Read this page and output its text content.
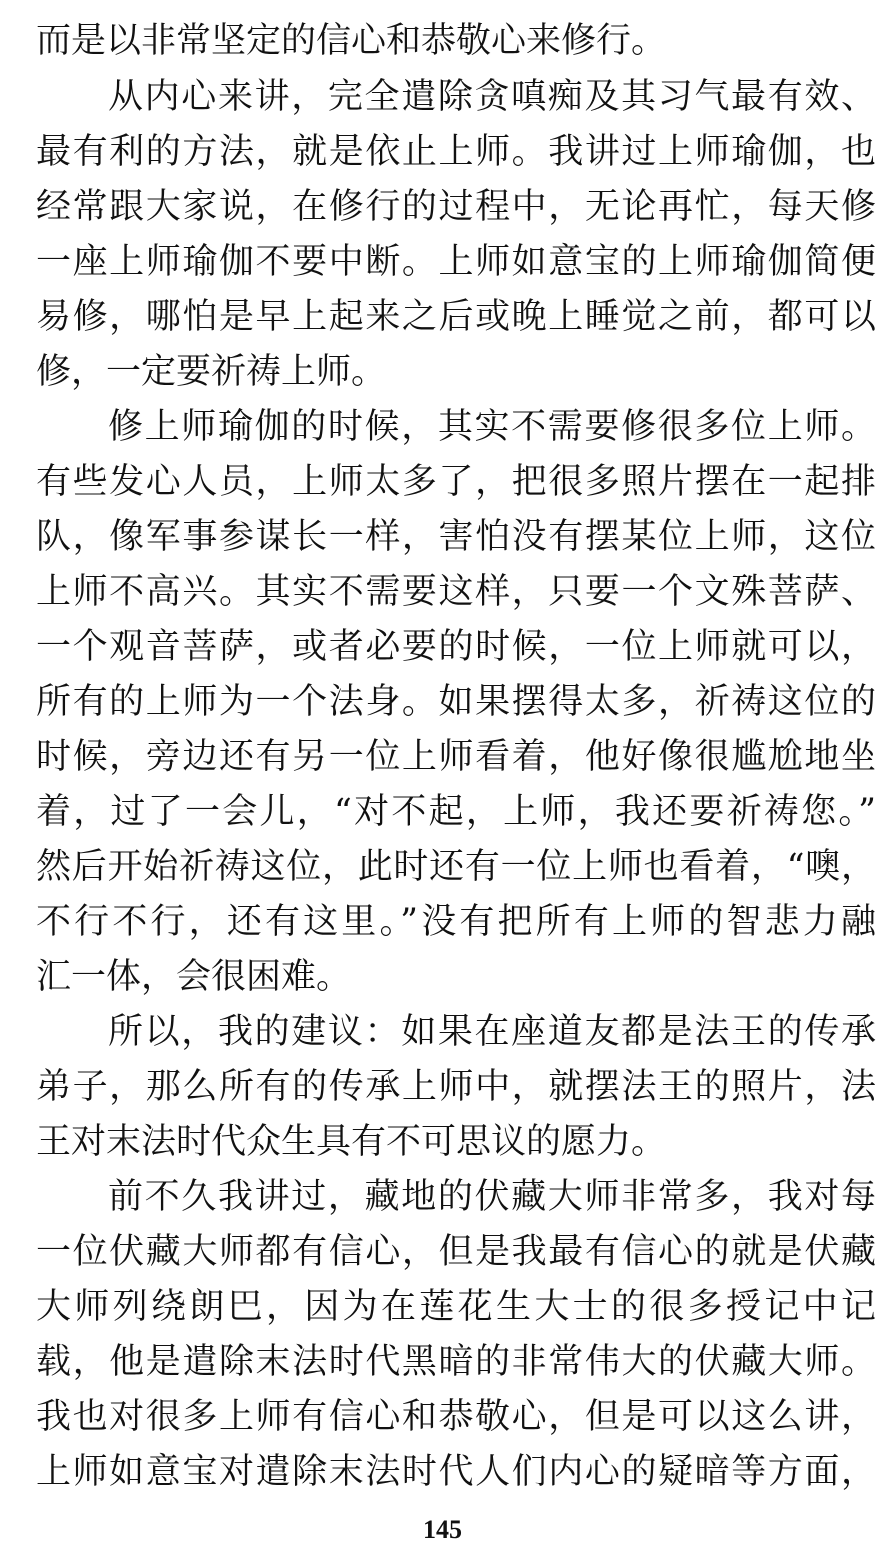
而是以非常坚定的信心和恭敬心来修行。
从内心来讲，完全遣除贪嗔痴及其习气最有效、
最有利的方法，就是依止上师。我讲过上师瑜伽，也
经常跟大家说，在修行的过程中，无论再忙，每天修
一座上师瑜伽不要中断。上师如意宝的上师瑜伽简便
易修，哪怕是早上起来之后或晚上睡觉之前，都可以
修，一定要祈祷上师。
修上师瑜伽的时候，其实不需要修很多位上师。
有些发心人员，上师太多了，把很多照片摆在一起排
队，像军事参谋长一样，害怕没有摆某位上师，这位
上师不高兴。其实不需要这样，只要一个文殊菩萨、
一个观音菩萨，或者必要的时候，一位上师就可以，
所有的上师为一个法身。如果摆得太多，祈祷这位的
时候，旁边还有另一位上师看着，他好像很尴尬地坐
着，过了一会儿，“对不起，上师，我还要祈祷您。”
然后开始祈祷这位，此时还有一位上师也看着，“噢，
不行不行，还有这里。”没有把所有上师的智悲力融
汇一体，会很困难。
所以，我的建议：如果在座道友都是法王的传承
弟子，那么所有的传承上师中，就摆法王的照片，法
王对末法时代众生具有不可思议的愿力。
前不久我讲过，藏地的伏藏大师非常多，我对每
一位伏藏大师都有信心，但是我最有信心的就是伏藏
大师列绕朗巴，因为在莲花生大士的很多授记中记
载，他是遣除末法时代黑暗的非常伟大的伏藏大师。
我也对很多上师有信心和恭敬心，但是可以这么讲，
上师如意宝对遣除末法时代人们内心的疑暗等方面，
145
